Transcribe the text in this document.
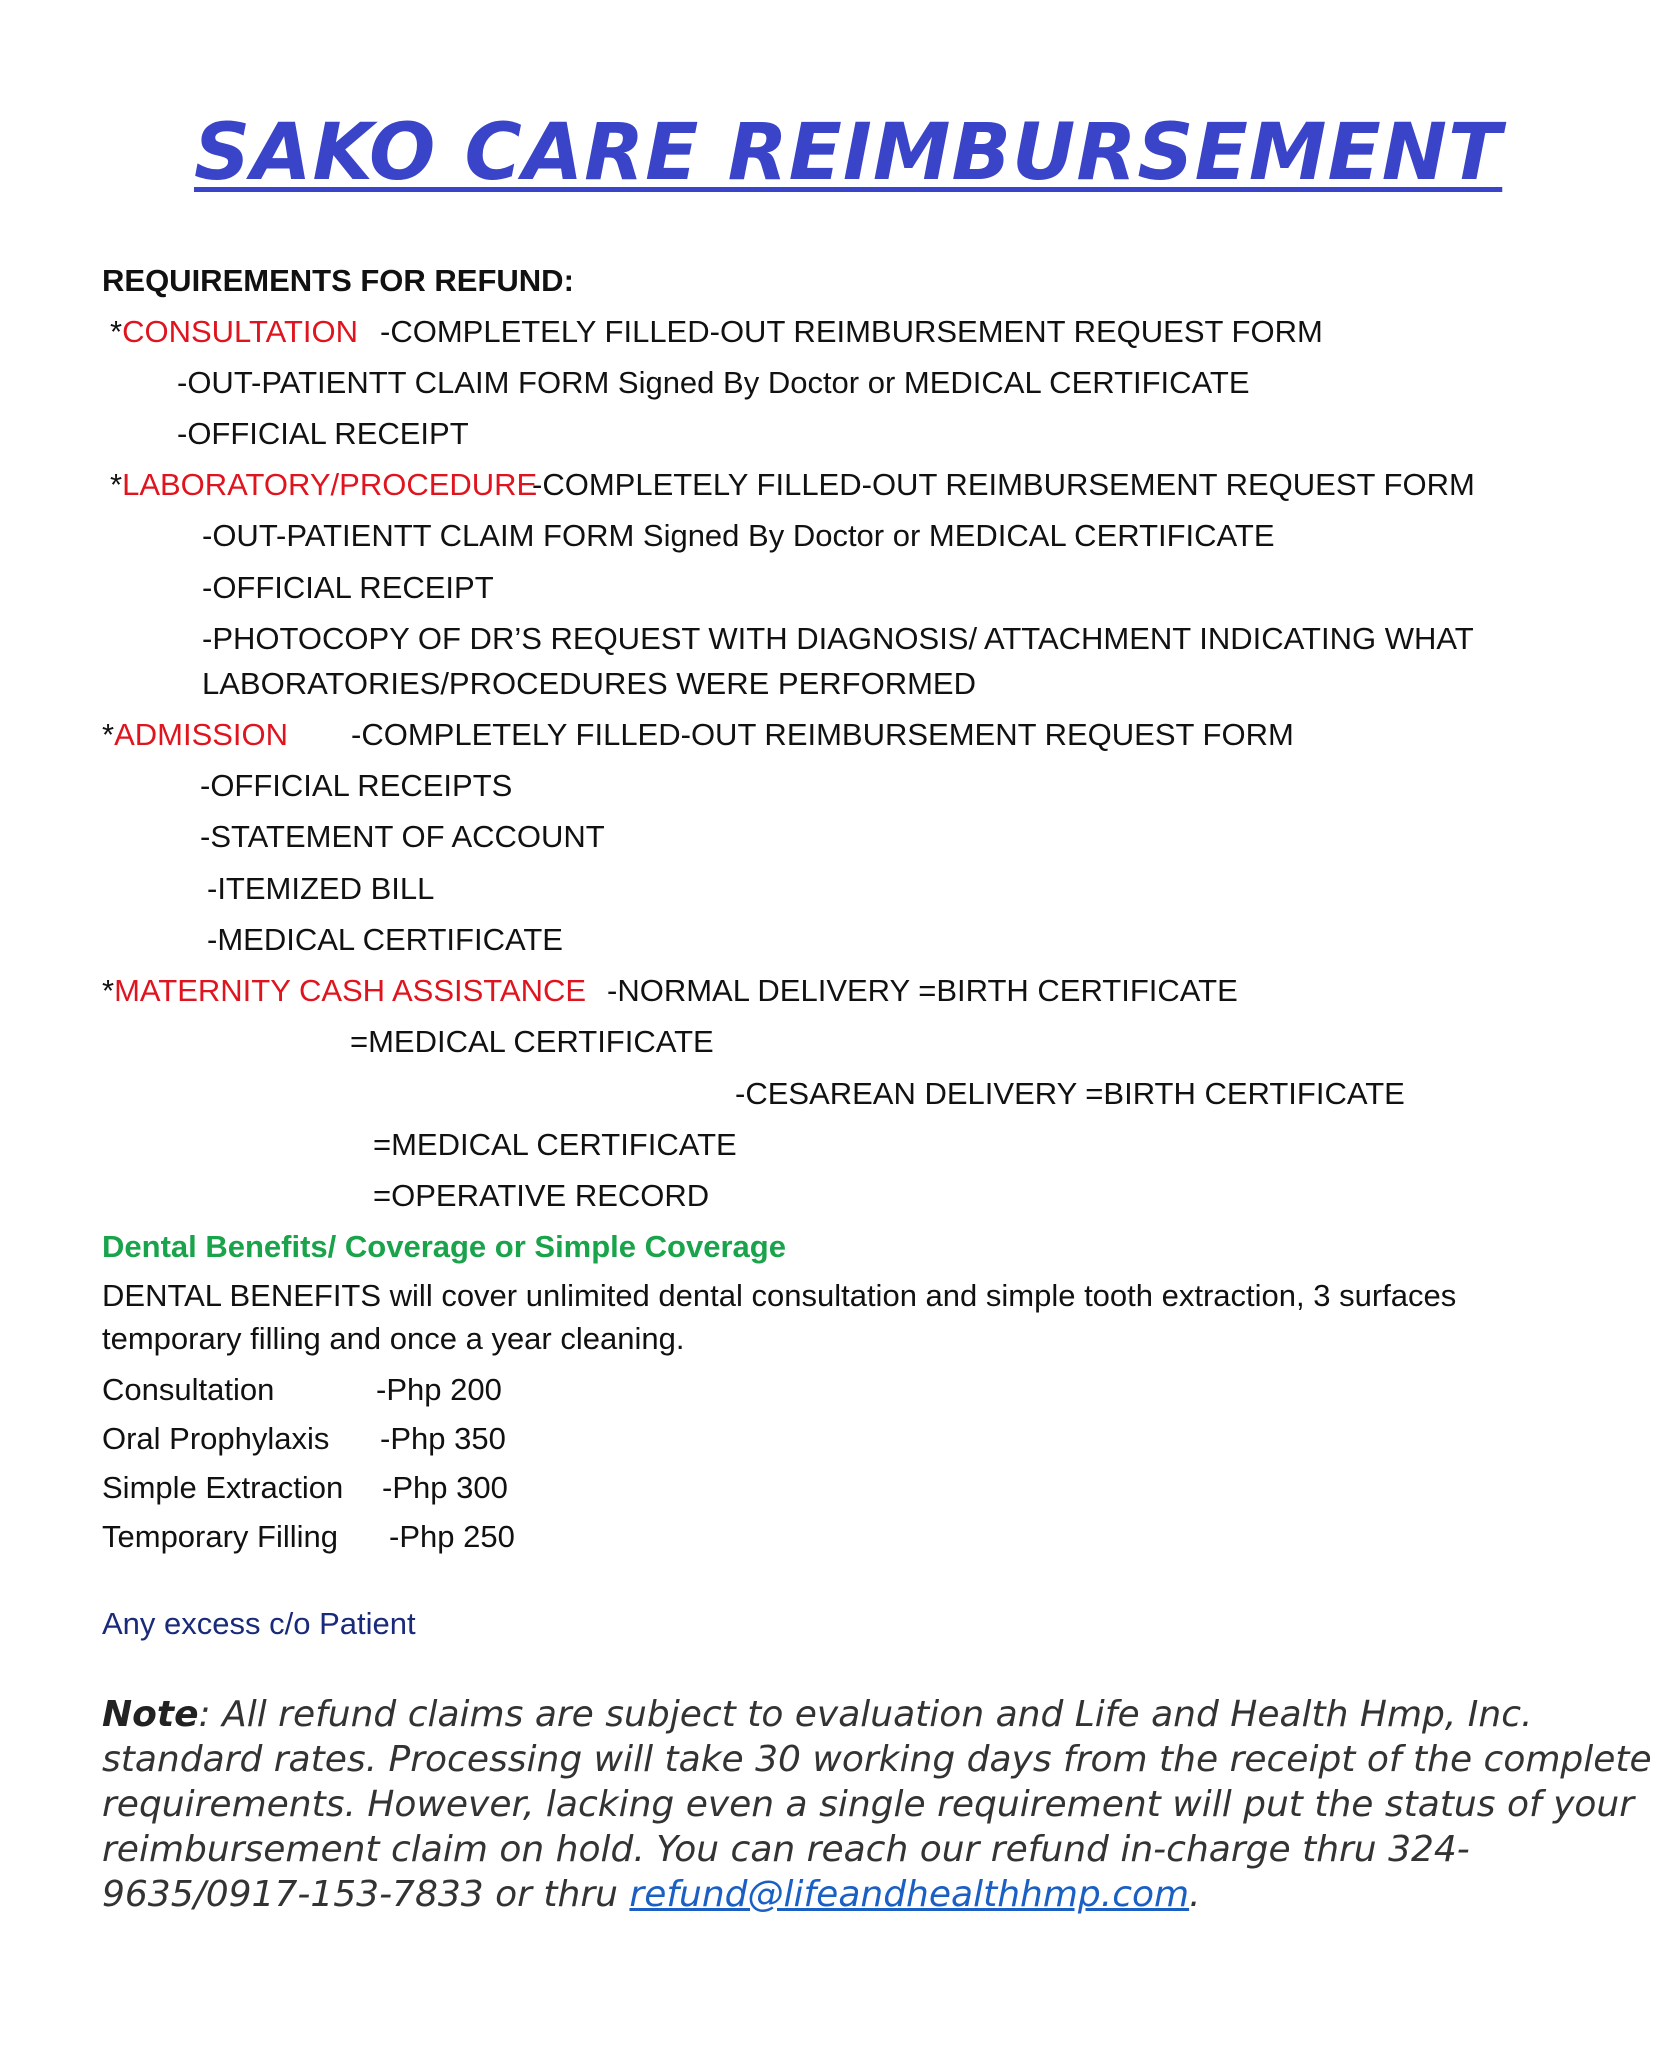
SAKO CARE REIMBURSEMENT
REQUIREMENTS FOR REFUND:
*CONSULTATION -COMPLETELY FILLED-OUT REIMBURSEMENT REQUEST FORM
-OUT-PATIENTT CLAIM FORM Signed By Doctor or MEDICAL CERTIFICATE
-OFFICIAL RECEIPT
*LABORATORY/PROCEDURE
-COMPLETELY FILLED-OUT REIMBURSEMENT REQUEST FORM
-OUT-PATIENTT CLAIM FORM Signed By Doctor or MEDICAL CERTIFICATE
-OFFICIAL RECEIPT
-PHOTOCOPY OF DR’S REQUEST WITH DIAGNOSIS/ ATTACHMENT INDICATING WHAT
LABORATORIES/PROCEDURES WERE PERFORMED
*ADMISSION -COMPLETELY FILLED-OUT REIMBURSEMENT REQUEST FORM
-OFFICIAL RECEIPTS
-STATEMENT OF ACCOUNT
-ITEMIZED BILL
-MEDICAL CERTIFICATE
*MATERNITY CASH ASSISTANCE -NORMAL DELIVERY =BIRTH CERTIFICATE
=MEDICAL CERTIFICATE
-CESAREAN DELIVERY =BIRTH CERTIFICATE
=MEDICAL CERTIFICATE
=OPERATIVE RECORD
Dental Benefits/ Coverage or Simple Coverage
DENTAL BENEFITS will cover unlimited dental consultation and simple tooth extraction, 3 surfaces temporary filling and once a year cleaning.
Consultation	-Php 200
Oral Prophylaxis -Php 350
Simple Extraction -Php 300
Temporary Filling -Php 250
Any excess c/o Patient
Note: All refund claims are subject to evaluation and Life and Health Hmp, Inc. standard rates. Processing will take 30 working days from the receipt of the complete requirements. However, lacking even a single requirement will put the status of your reimbursement claim on hold. You can reach our refund in-charge thru 324-9635/0917-153-7833 or thru refund@lifeandhealthhmp.com.
